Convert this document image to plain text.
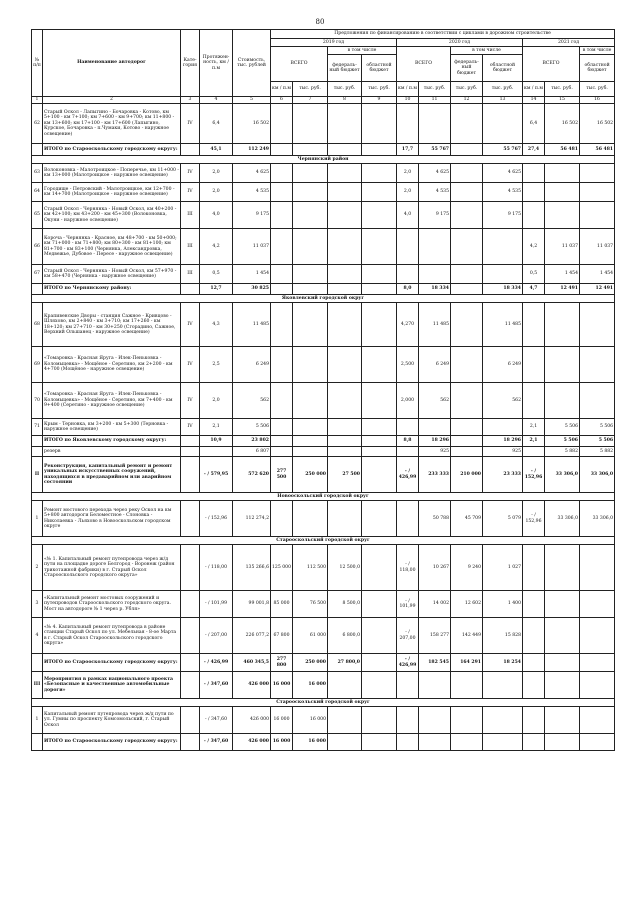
80
№ п/п	Наименование автодорог	Кате-гория	Протяжен-ность, км / п.м	Стоимость, тыс. рублей	Предложения по финансированию в соответствии с циклами в дорожном строительстве										
					2019 год				2020 год				2021 год		
					ВСЕГО		в том числе		ВСЕГО		в том числе		ВСЕГО		в том числе
							федераль-ный бюджет	областной бюджет			федераль-ный бюджет	областной бюджет			областной бюджет
					км / п.м	тыс. руб.	тыс. руб.	тыс. руб.	км / п.м	тыс. руб.	тыс. руб.	тыс. руб.	км / п.м	тыс. руб.	тыс. руб.
1	2	3	4	5	6	7	8	9	10	11	12	13	14	15	16
62	Старый Оскол - Лапыгино - Бочаровка - Котово, км 5+100 - км 7+100; км 7+600 - км 9+700; км 11+800 - км 13+600; км 17+100 - км 17+600 (Лапыгино, Курское, Бочаровка - п.Чумаки, Котово - наружное освещение)	IV	6,4	16 502									6,4	16 502	16 502
	ИТОГО по Старооскольскому городскому округу:		45,1	112 249					17,7	55 767		55 767	27,4	56 481	56 481
Чернянский район															
63	Волоконовка - Малотроицкое - Поперечье, км 11+000 - км 13+000 (Малотроицкое - наружное освещение)	IV	2,0	4 625					2,0	4 625		4 625			
64	Городище - Петровский - Малотроицкое, км 12+700 - км 14+700 (Малотроицкое - наружное освещение)	IV	2,0	4 535					2,0	4 535		4 535			
65	Старый Оскол - Чернянка - Новый Оскол, км 40+200 - км 42+100; км 43+200 - км 45+300 (Волоконовка, Окуни - наружное освещение)	III	4,0	9 175					4,0	9 175		9 175			
66	Короча - Чернянка - Красное, км 48+700 - км 50+000; км 71+000 - км 71+800; км 80+300 - км 81+100; км 81+700 - км 83+100 (Чернянка, Александровка, Медвежье, Дубовое - Пересе - наружное освещение)	III	4,2	11 037									4,2	11 037	11 037
67	Старый Оскол - Чернянка - Новый Оскол, км 57+970 - км 58+470 (Чернянка - наружное освещение)	III	0,5	1 454									0,5	1 454	1 454
	ИТОГО по Чернянскому району:		12,7	30 825					8,0	18 334		18 334	4,7	12 491	12 491
Яковлевский городской округ															
68	Крапивенские Дворы - станция Сажное - Кривцово - Шляхово, км 2+840 - км 3+710; км 17+260 - км 18+120; км 27+710 - км 30+250 (Сгорадино, Сажное, Верхний Ольшанец - наружное освещение)	IV	4,3	11 485					4,270	11 485		11 485			
69	«Томаровка - Красная Яруга - Илек-Пеньковка - Коломыцевка» - Мощёное - Серетино, км 2+200 - км 4+700 (Мощёное - наружное освещение)	IV	2,5	6 249					2,500	6 249		6 249			
70	«Томаровка - Красная Яруга - Илек-Пеньковка - Коломыцевка» - Мощёное - Серетино, км 7+400 - км 9+400 (Серетино - наружное освещение)	IV	2,0	562					2,000	562		562			
71	Крым - Терновка, км 3+200 - км 5+300 (Терновка - наружное освещение)	IV	2,1	5 506									2,1	5 506	5 506
	ИТОГО по Яковлевскому городскому округу:		10,9	23 802					8,8	18 296		18 296	2,1	5 506	5 506
	резерв			6 807						925		925		5 882	5 882
II	Реконструкция, капитальный ремонт и ремонт уникальных искусственных сооружений, находящихся в предаварийном или аварийном состоянии		- / 579,95	572 620	277 500	250 000	27 500		- / 426,99	233 333	210 000	23 333	- / 152,96	33 306,0	33 306,0
Новооскольский городской округ															
1	Ремонт мостового перехода через реку Оскол на км 5+800 автодороги Беломестное - Слоновка - Николаевка - Льяхово в Новооскольском городском округе		- / 152,96	112 274,2						50 788	45 709	5 079	- / 152,96	33 306,0	33 306,0
Старооскольский городской округ															
2	«№ 1. Капитальный ремонт путепровода через ж/д пути на площадке дороге Белгород - Воронеж (район трикотажной фабрики) в г. Старый Оскол Старооскольского городского округа»		- / 118,00	135 266,6	125 000	112 500	12 500,0		- / 118,00	10 267	9 240	1 027			
3	«Капитальный ремонт мостовых сооружений и путепроводов Старооскольского городского округа. Мост на автодороге № 1 через р. Убля»		- / 101,99	99 001,8	85 000	76 500	8 500,0		- / 101,99	14 002	12 602	1 400			
4	«№ 4. Капитальный ремонт путепровода в районе станции Старый Оскол по ул. Мебельная - 8-ое Марта в г. Старый Оскол Старооскольского городского округа»		- / 207,00	226 077,2	67 800	61 000	6 800,0		- / 207,00	158 277	142 449	15 828			
	ИТОГО по Старооскольскому городскому округу:		- / 426,99	460 345,5	277 800	250 000	27 800,0		- / 426,99	182 545	164 291	18 254			
III	Мероприятия в рамках национального проекта «Безопасные и качественные автомобильные дороги»		- / 347,60	426 000	16 000	16 000									
Старооскольский городской округ															
1	Капитальный ремонт путепровода через ж/д пути по ул. Гумны по проспекту Комсомольский, г. Старый Оскол		- / 347,60	426 000	16 000	16 000									
	ИТОГО по Старооскольскому городскому округу:		- / 347,60	426 000	16 000	16 000									
